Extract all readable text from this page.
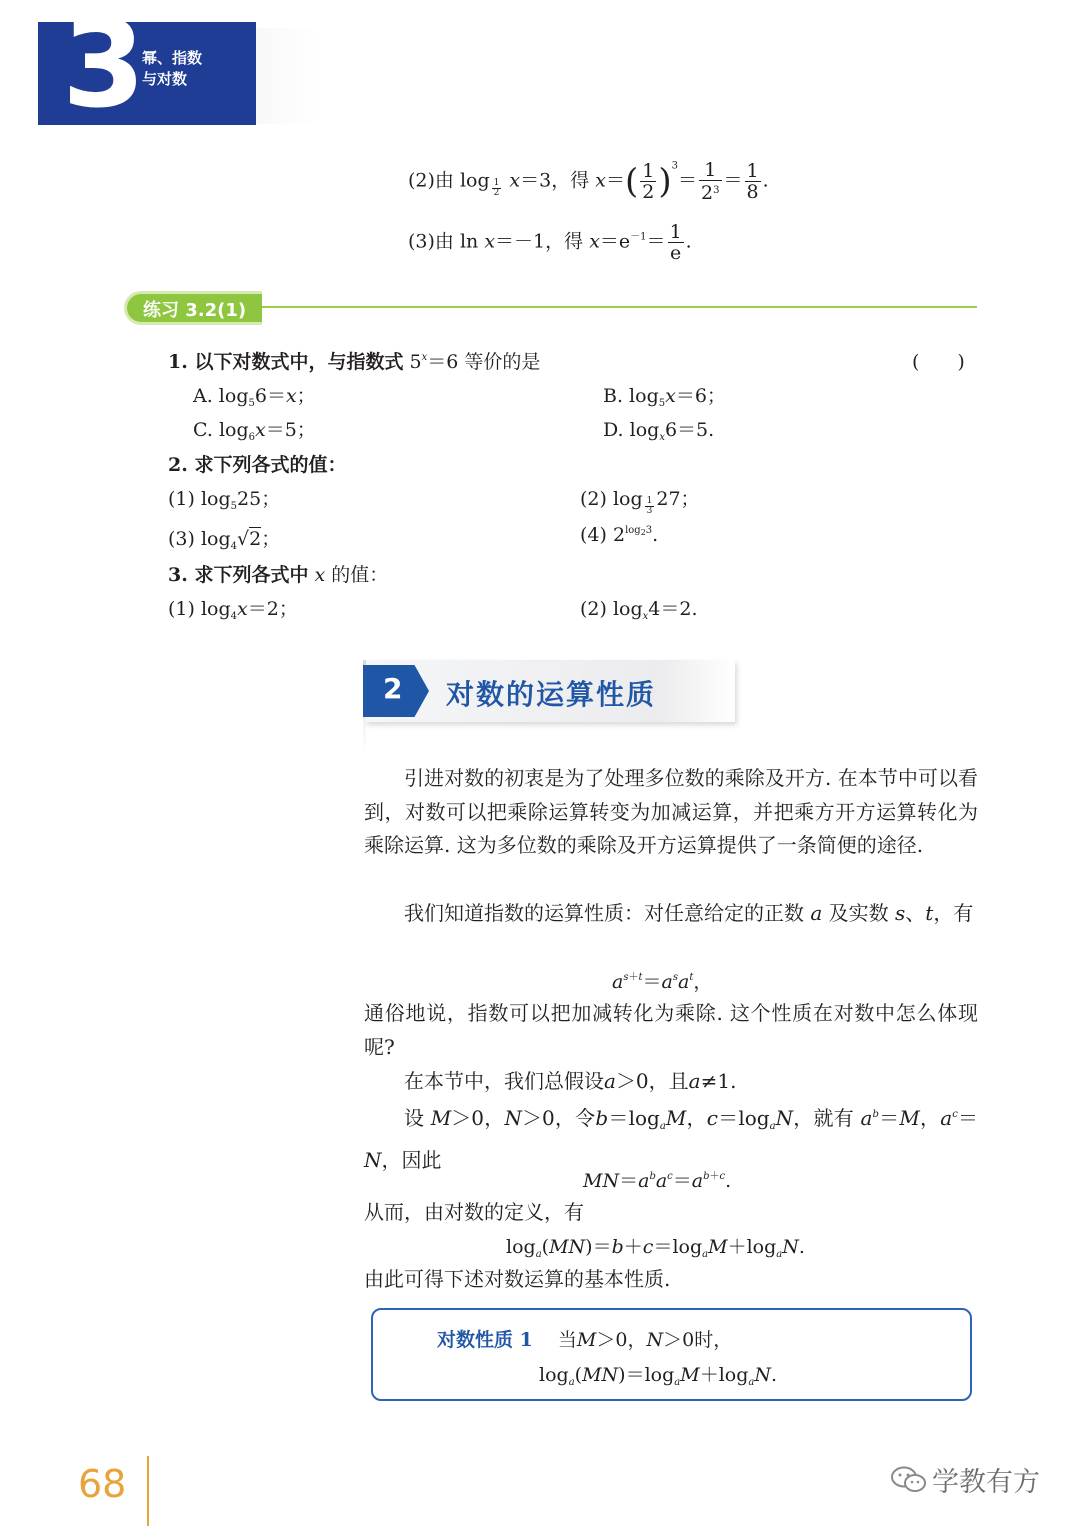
3 幂、指数
与对数
(2)由 log $_{\frac{1}{2}}$ x＝3，得 $x=( \frac{1}{2} )^3= \frac{1}{2^3} = \frac{1}{8}$ .
(3)由 ln x＝－1，得 $x=e^{-1}= \frac{1}{e}$ .
练习 3.2(1)
1. 以下对数式中，与指数式 $5^x=6$ 等价的是	(　　)
A. $\log_56=x$；	B. $\log_5x=6$；
C. $\log_6x=5$；	D. $\log_x6=5$.
2. 求下列各式的值：
(1) $\log_525$；	(2) log $_{\frac{1}{3}}$ 27；
(3) $\log_4√2$；	(4) $2^{log_23}$.
3. 求下列各式中 x 的值：
(1) $\log_4x=2$；	(2) $\log_x4=2$.
2 对数的运算性质
引进对数的初衷是为了处理多位数的乘除及开方. 在本节中可以看到，对数可以把乘除运算转变为加减运算，并把乘方开方运算转化为乘除运算. 这为多位数的乘除及开方运算提供了一条简便的途径.
我们知道指数的运算性质：对任意给定的正数 a 及实数 s、t，有
$a^{s+t}=a^sa^t$，
通俗地说，指数可以把加减转化为乘除. 这个性质在对数中怎么体现呢?
在本节中，我们总假设a＞0，且a≠1.
设 M＞0，N＞0，令$b=\log_aM$，$c=\log_aN$，就有 $a^b=M$，$a^c=N$，因此
$MN=a^ba^c=a^{b+c}$.
从而，由对数的定义，有
$\log_a(MN)=b+c=\log_aM+\log_aN$.
由此可得下述对数运算的基本性质.
对数性质 1 　 当M＞0，N＞0时，
$\log_a(MN)=\log_aM+\log_aN$.
68	学教有方
